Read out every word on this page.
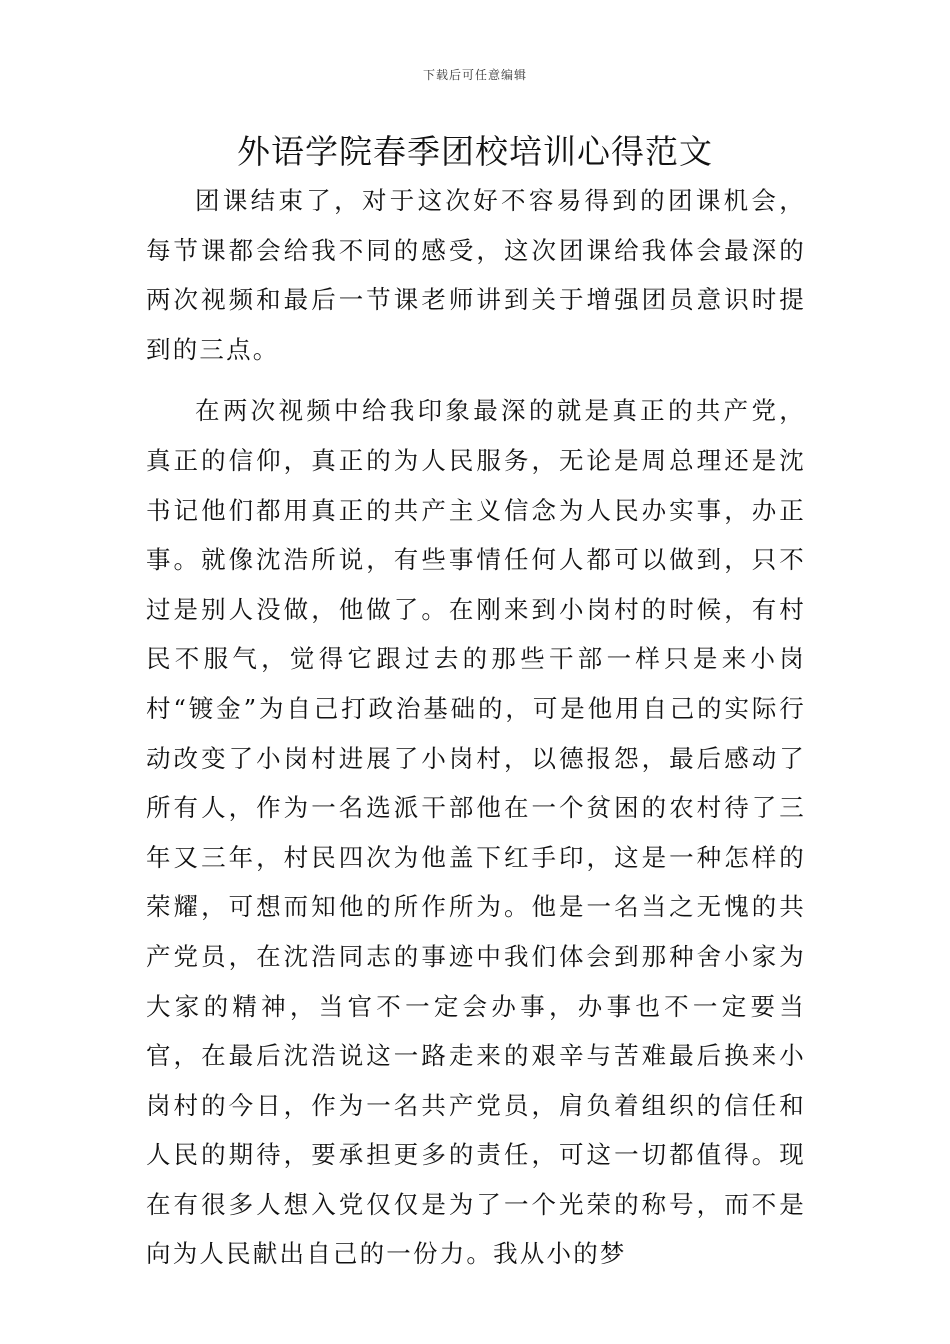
下载后可任意编辑
外语学院春季团校培训心得范文

团课结束了，对于这次好不容易得到的团课机会，每节课都会给我不同的感受，这次团课给我体会最深的两次视频和最后一节课老师讲到关于增强团员意识时提到的三点。

在两次视频中给我印象最深的就是真正的共产党，真正的信仰，真正的为人民服务，无论是周总理还是沈书记他们都用真正的共产主义信念为人民办实事，办正事。就像沈浩所说，有些事情任何人都可以做到，只不过是别人没做，他做了。在刚来到小岗村的时候，有村民不服气，觉得它跟过去的那些干部一样只是来小岗村“镀金”为自己打政治基础的，可是他用自己的实际行动改变了小岗村进展了小岗村，以德报怨，最后感动了所有人，作为一名选派干部他在一个贫困的农村待了三年又三年，村民四次为他盖下红手印，这是一种怎样的荣耀，可想而知他的所作所为。他是一名当之无愧的共产党员，在沈浩同志的事迹中我们体会到那种舍小家为大家的精神，当官不一定会办事，办事也不一定要当官，在最后沈浩说这一路走来的艰辛与苦难最后换来小岗村的今日，作为一名共产党员，肩负着组织的信任和人民的期待，要承担更多的责任，可这一切都值得。现在有很多人想入党仅仅是为了一个光荣的称号，而不是向为人民献出自己的一份力。我从小的梦
